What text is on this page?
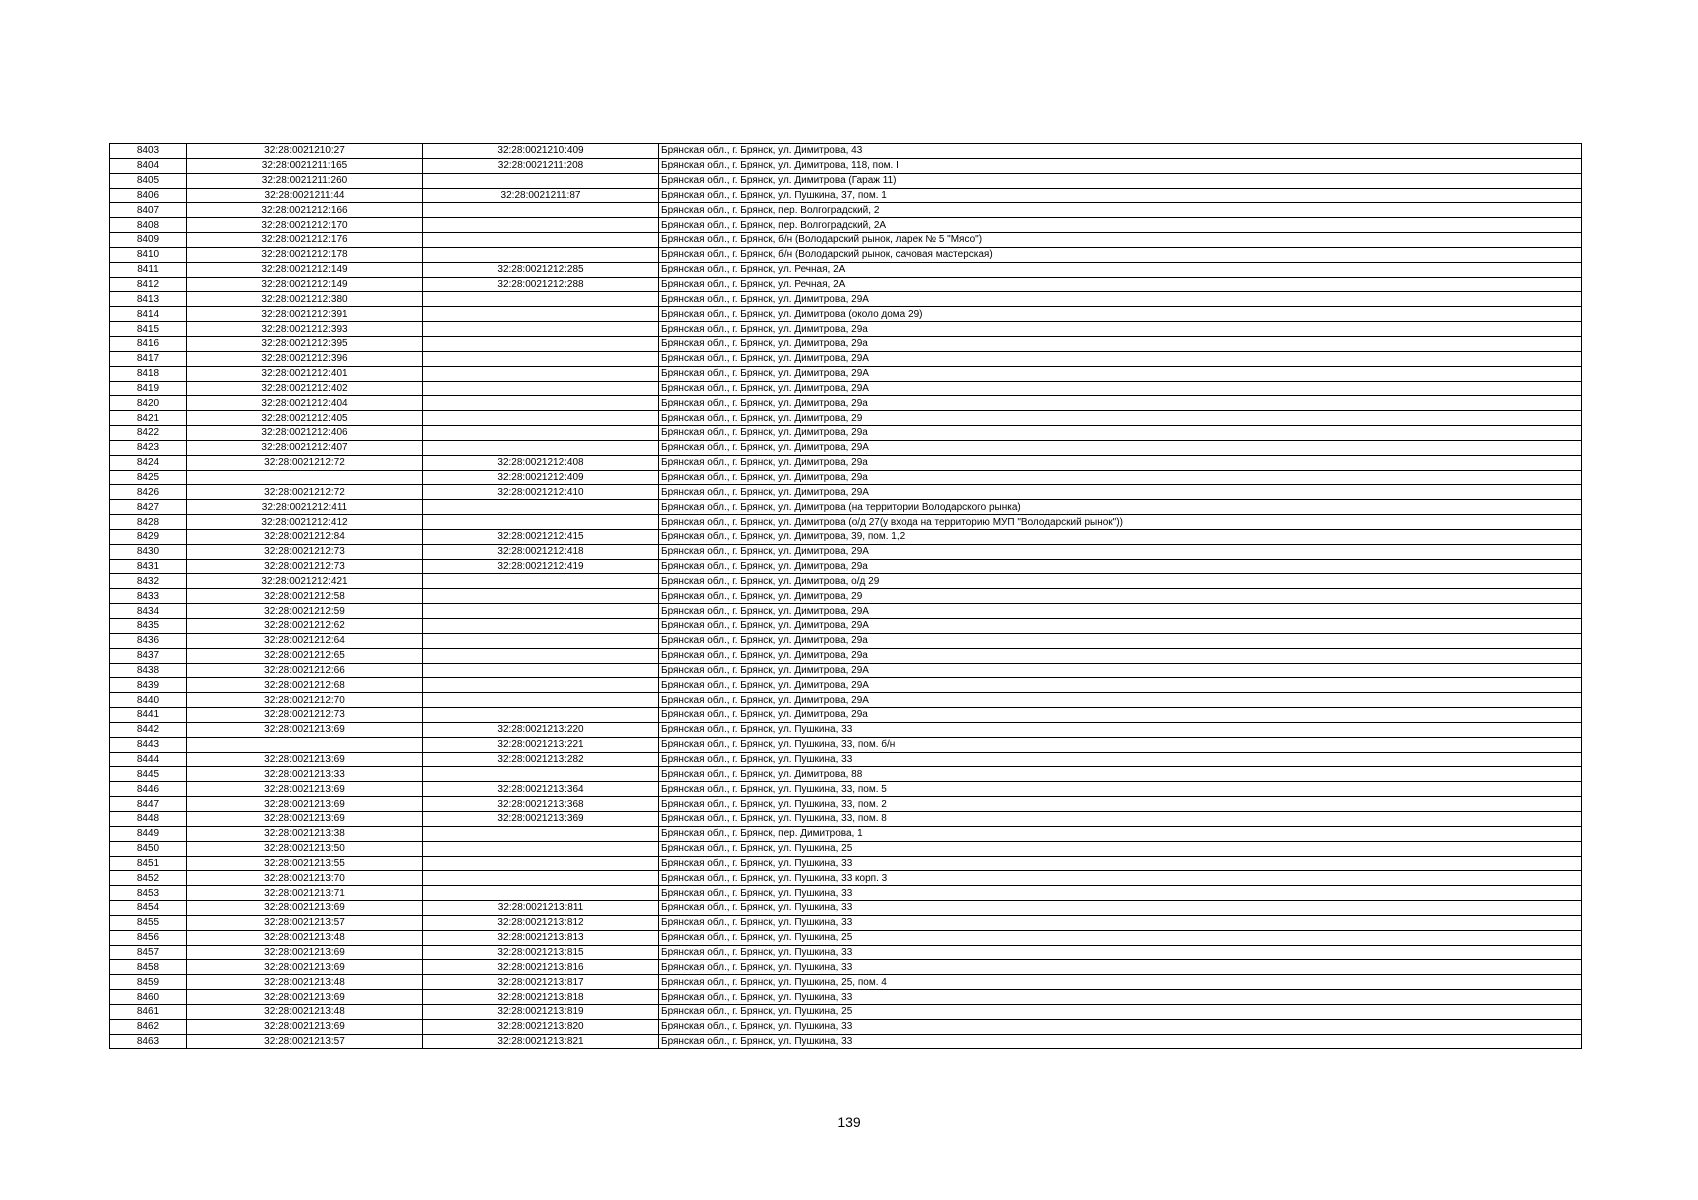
8403	32:28:0021210:27	32:28:0021210:409	Брянская обл., г. Брянск, ул. Димитрова, 43
8404	32:28:0021211:165	32:28:0021211:208	Брянская обл., г. Брянск, ул. Димитрова, 118, пом. I
8405	32:28:0021211:260		Брянская обл., г. Брянск, ул. Димитрова (Гараж 11)
8406	32:28:0021211:44	32:28:0021211:87	Брянская обл., г. Брянск, ул. Пушкина, 37, пом. 1
8407	32:28:0021212:166		Брянская обл., г. Брянск, пер. Волгоградский, 2
8408	32:28:0021212:170		Брянская обл., г. Брянск, пер. Волгоградский, 2А
8409	32:28:0021212:176		Брянская обл., г. Брянск, б/н (Володарский рынок, ларек № 5 "Мясо")
8410	32:28:0021212:178		Брянская обл., г. Брянск, б/н (Володарский рынок, сачовая мастерская)
8411	32:28:0021212:149	32:28:0021212:285	Брянская обл., г. Брянск, ул. Речная, 2А
8412	32:28:0021212:149	32:28:0021212:288	Брянская обл., г. Брянск, ул. Речная, 2А
8413	32:28:0021212:380		Брянская обл., г. Брянск, ул. Димитрова, 29А
8414	32:28:0021212:391		Брянская обл., г. Брянск, ул. Димитрова (около дома 29)
8415	32:28:0021212:393		Брянская обл., г. Брянск, ул. Димитрова, 29а
8416	32:28:0021212:395		Брянская обл., г. Брянск, ул. Димитрова, 29а
8417	32:28:0021212:396		Брянская обл., г. Брянск, ул. Димитрова, 29А
8418	32:28:0021212:401		Брянская обл., г. Брянск, ул. Димитрова, 29А
8419	32:28:0021212:402		Брянская обл., г. Брянск, ул. Димитрова, 29А
8420	32:28:0021212:404		Брянская обл., г. Брянск, ул. Димитрова, 29а
8421	32:28:0021212:405		Брянская обл., г. Брянск, ул. Димитрова, 29
8422	32:28:0021212:406		Брянская обл., г. Брянск, ул. Димитрова, 29а
8423	32:28:0021212:407		Брянская обл., г. Брянск, ул. Димитрова, 29А
8424	32:28:0021212:72	32:28:0021212:408	Брянская обл., г. Брянск, ул. Димитрова, 29а
8425		32:28:0021212:409	Брянская обл., г. Брянск, ул. Димитрова, 29а
8426	32:28:0021212:72	32:28:0021212:410	Брянская обл., г. Брянск, ул. Димитрова, 29А
8427	32:28:0021212:411		Брянская обл., г. Брянск, ул. Димитрова (на территории Володарского рынка)
8428	32:28:0021212:412		Брянская обл., г. Брянск, ул. Димитрова (о/д 27(у входа на территорию МУП "Володарский рынок"))
8429	32:28:0021212:84	32:28:0021212:415	Брянская обл., г. Брянск, ул. Димитрова, 39, пом. 1,2
8430	32:28:0021212:73	32:28:0021212:418	Брянская обл., г. Брянск, ул. Димитрова, 29А
8431	32:28:0021212:73	32:28:0021212:419	Брянская обл., г. Брянск, ул. Димитрова, 29а
8432	32:28:0021212:421		Брянская обл., г. Брянск, ул. Димитрова, о/д 29
8433	32:28:0021212:58		Брянская обл., г. Брянск, ул. Димитрова, 29
8434	32:28:0021212:59		Брянская обл., г. Брянск, ул. Димитрова, 29А
8435	32:28:0021212:62		Брянская обл., г. Брянск, ул. Димитрова, 29А
8436	32:28:0021212:64		Брянская обл., г. Брянск, ул. Димитрова, 29а
8437	32:28:0021212:65		Брянская обл., г. Брянск, ул. Димитрова, 29а
8438	32:28:0021212:66		Брянская обл., г. Брянск, ул. Димитрова, 29А
8439	32:28:0021212:68		Брянская обл., г. Брянск, ул. Димитрова, 29А
8440	32:28:0021212:70		Брянская обл., г. Брянск, ул. Димитрова, 29А
8441	32:28:0021212:73		Брянская обл., г. Брянск, ул. Димитрова, 29а
8442	32:28:0021213:69	32:28:0021213:220	Брянская обл., г. Брянск, ул. Пушкина, 33
8443		32:28:0021213:221	Брянская обл., г. Брянск, ул. Пушкина, 33, пом. б/н
8444	32:28:0021213:69	32:28:0021213:282	Брянская обл., г. Брянск, ул. Пушкина, 33
8445	32:28:0021213:33		Брянская обл., г. Брянск, ул. Димитрова, 88
8446	32:28:0021213:69	32:28:0021213:364	Брянская обл., г. Брянск, ул. Пушкина, 33, пом. 5
8447	32:28:0021213:69	32:28:0021213:368	Брянская обл., г. Брянск, ул. Пушкина, 33, пом. 2
8448	32:28:0021213:69	32:28:0021213:369	Брянская обл., г. Брянск, ул. Пушкина, 33, пом. 8
8449	32:28:0021213:38		Брянская обл., г. Брянск, пер. Димитрова, 1
8450	32:28:0021213:50		Брянская обл., г. Брянск, ул. Пушкина, 25
8451	32:28:0021213:55		Брянская обл., г. Брянск, ул. Пушкина, 33
8452	32:28:0021213:70		Брянская обл., г. Брянск, ул. Пушкина, 33 корп. 3
8453	32:28:0021213:71		Брянская обл., г. Брянск, ул. Пушкина, 33
8454	32:28:0021213:69	32:28:0021213:811	Брянская обл., г. Брянск, ул. Пушкина, 33
8455	32:28:0021213:57	32:28:0021213:812	Брянская обл., г. Брянск, ул. Пушкина, 33
8456	32:28:0021213:48	32:28:0021213:813	Брянская обл., г. Брянск, ул. Пушкина, 25
8457	32:28:0021213:69	32:28:0021213:815	Брянская обл., г. Брянск, ул. Пушкина, 33
8458	32:28:0021213:69	32:28:0021213:816	Брянская обл., г. Брянск, ул. Пушкина, 33
8459	32:28:0021213:48	32:28:0021213:817	Брянская обл., г. Брянск, ул. Пушкина, 25, пом. 4
8460	32:28:0021213:69	32:28:0021213:818	Брянская обл., г. Брянск, ул. Пушкина, 33
8461	32:28:0021213:48	32:28:0021213:819	Брянская обл., г. Брянск, ул. Пушкина, 25
8462	32:28:0021213:69	32:28:0021213:820	Брянская обл., г. Брянск, ул. Пушкина, 33
8463	32:28:0021213:57	32:28:0021213:821	Брянская обл., г. Брянск, ул. Пушкина, 33
139
